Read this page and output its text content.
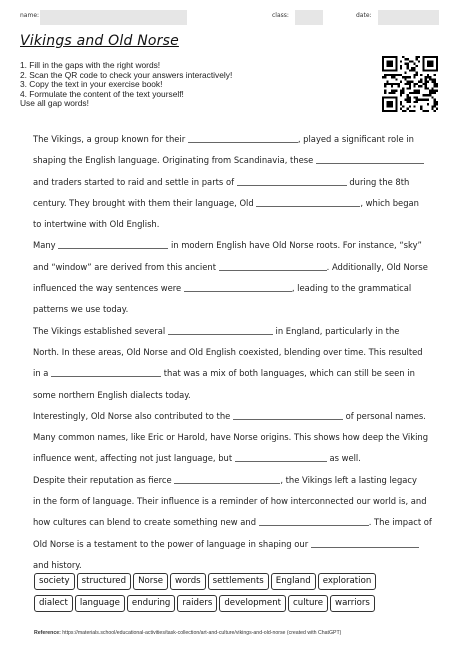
name:	class:	date:
Vikings and Old Norse
1. Fill in the gaps with the right words!
2. Scan the QR code to check your answers interactively!
3. Copy the text in your exercise book!
4. Formulate the content of the text yourself!
Use all gap words!
The Vikings, a group known for their	, played a significant role in
shaping the English language. Originating from Scandinavia, these
and traders started to raid and settle in parts of	during the 8th
century. They brought with them their language, Old	, which began
to intertwine with Old English.
Many	in modern English have Old Norse roots. For instance, “sky”
and “window” are derived from this ancient	. Additionally, Old Norse
influenced the way sentences were	, leading to the grammatical
patterns we use today.
The Vikings established several	in England, particularly in the
North. In these areas, Old Norse and Old English coexisted, blending over time. This resulted
in a	that was a mix of both languages, which can still be seen in
some northern English dialects today.
Interestingly, Old Norse also contributed to the	of personal names.
Many common names, like Eric or Harold, have Norse origins. This shows how deep the Viking
influence went, affecting not just language, but	as well.
Despite their reputation as fierce	, the Vikings left a lasting legacy
in the form of language. Their influence is a reminder of how interconnected our world is, and
how cultures can blend to create something new and	. The impact of
Old Norse is a testament to the power of language in shaping our
and history.
society structured Norse words settlements England exploration
dialect language enduring raiders development culture warriors
Reference: https://materials.school/educational-activities/task-collection/art-and-culture/vikings-and-old-norse (created with ChatGPT)
